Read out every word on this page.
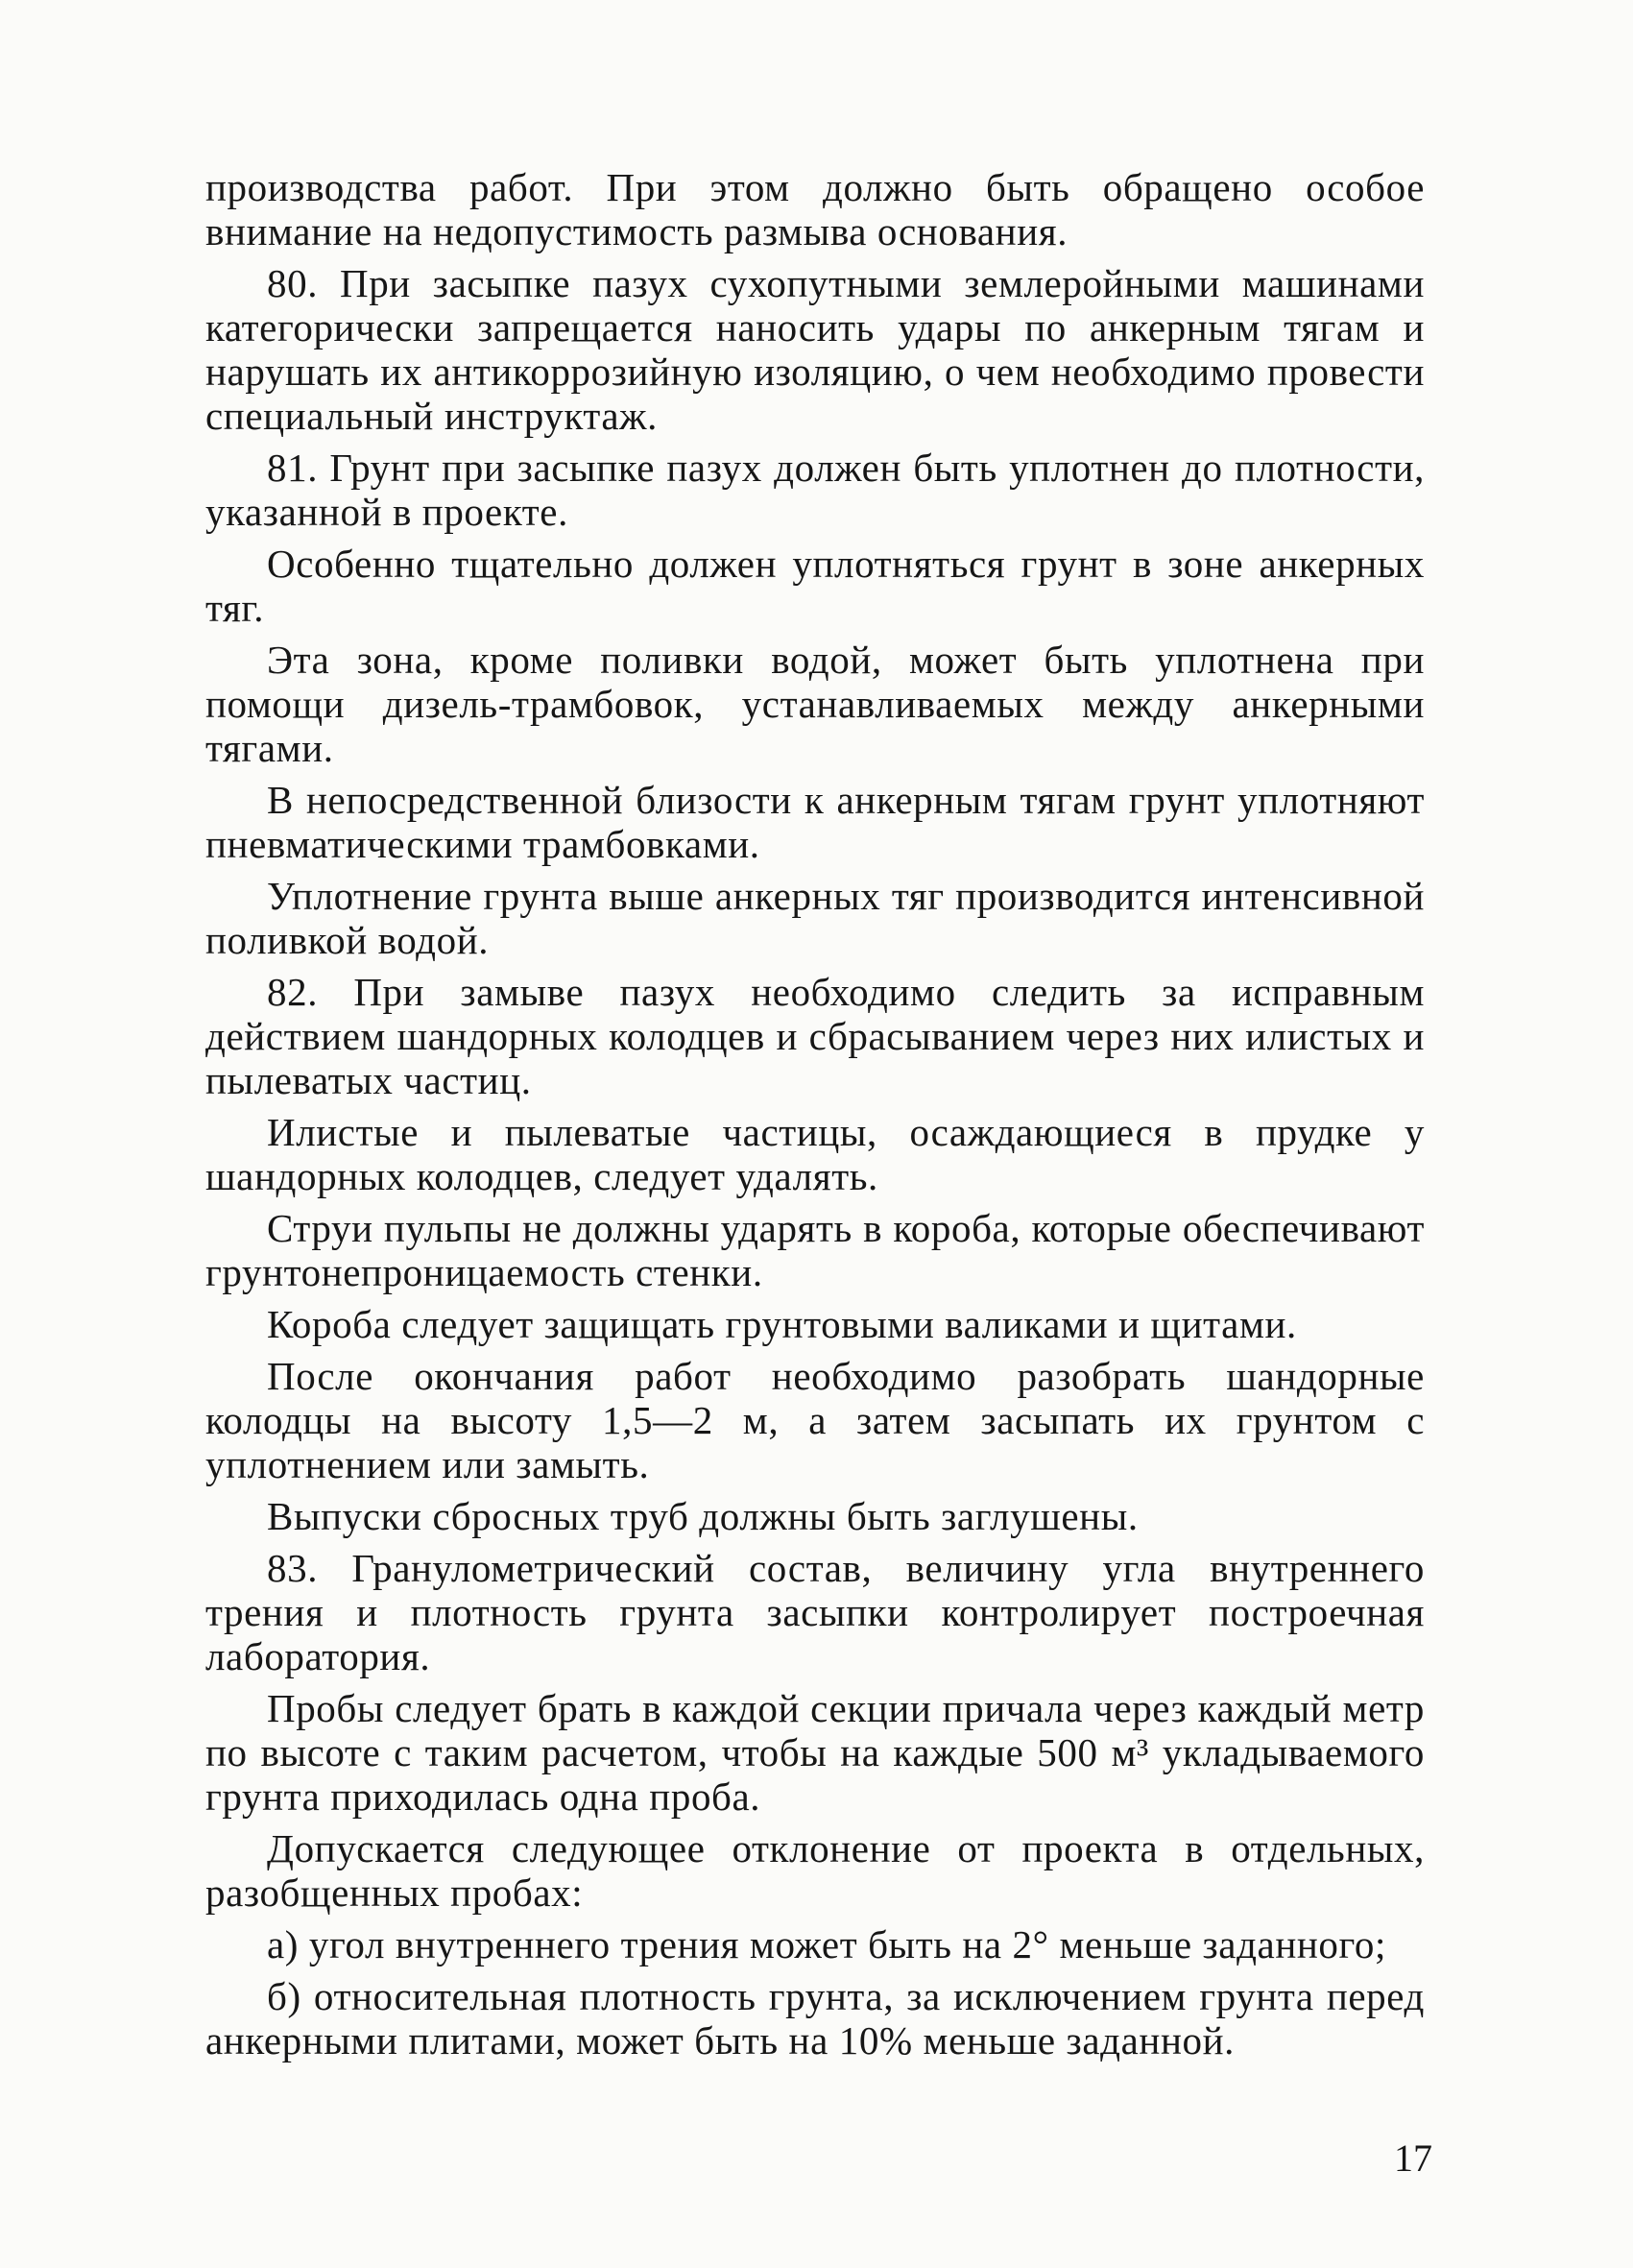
производства работ. При этом должно быть обращено особое внимание на недопустимость размыва основания.

80. При засыпке пазух сухопутными землеройными машинами категорически запрещается наносить удары по анкерным тягам и нарушать их антикоррозийную изоляцию, о чем необходимо провести специальный инструктаж.

81. Грунт при засыпке пазух должен быть уплотнен до плотности, указанной в проекте.

Особенно тщательно должен уплотняться грунт в зоне анкерных тяг.

Эта зона, кроме поливки водой, может быть уплотнена при помощи дизель-трамбовок, устанавливаемых между анкерными тягами.

В непосредственной близости к анкерным тягам грунт уплотняют пневматическими трамбовками.

Уплотнение грунта выше анкерных тяг производится интенсивной поливкой водой.

82. При замыве пазух необходимо следить за исправным действием шандорных колодцев и сбрасыванием через них илистых и пылеватых частиц.

Илистые и пылеватые частицы, осаждающиеся в прудке у шандорных колодцев, следует удалять.

Струи пульпы не должны ударять в короба, которые обеспечивают грунтонепроницаемость стенки.

Короба следует защищать грунтовыми валиками и щитами.

После окончания работ необходимо разобрать шандорные колодцы на высоту 1,5—2 м, а затем засыпать их грунтом с уплотнением или замыть.

Выпуски сбросных труб должны быть заглушены.

83. Гранулометрический состав, величину угла внутреннего трения и плотность грунта засыпки контролирует построечная лаборатория.

Пробы следует брать в каждой секции причала через каждый метр по высоте с таким расчетом, чтобы на каждые 500 м³ укладываемого грунта приходилась одна проба.

Допускается следующее отклонение от проекта в отдельных, разобщенных пробах:

а) угол внутреннего трения может быть на 2° меньше заданного;

б) относительная плотность грунта, за исключением грунта перед анкерными плитами, может быть на 10% меньше заданной.

17
